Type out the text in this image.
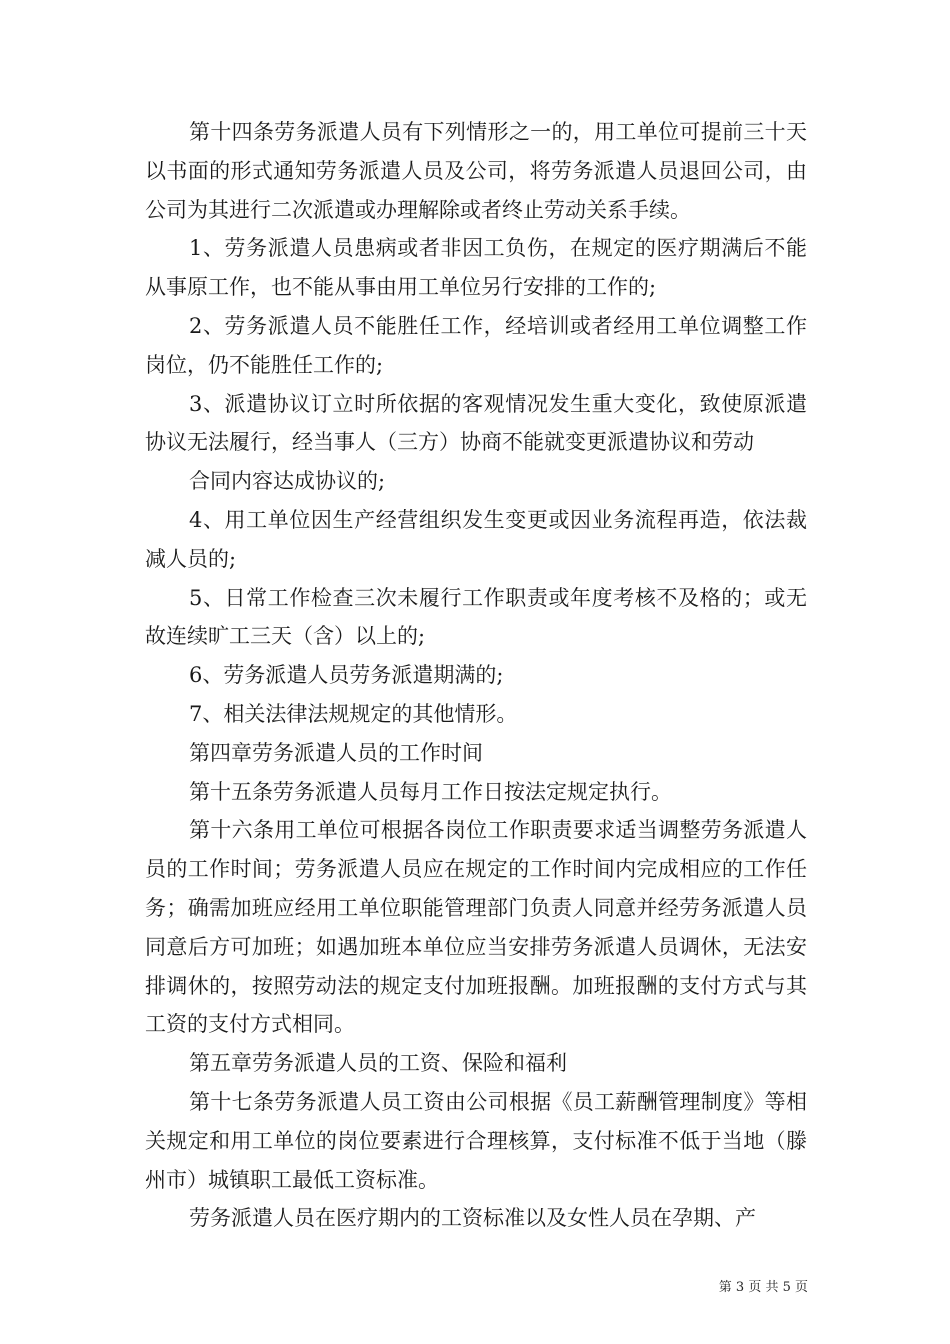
第十四条劳务派遣人员有下列情形之一的，用工单位可提前三十天以书面的形式通知劳务派遣人员及公司，将劳务派遣人员退回公司，由公司为其进行二次派遣或办理解除或者终止劳动关系手续。

1、劳务派遣人员患病或者非因工负伤，在规定的医疗期满后不能从事原工作，也不能从事由用工单位另行安排的工作的;

2、劳务派遣人员不能胜任工作，经培训或者经用工单位调整工作岗位，仍不能胜任工作的;

3、派遣协议订立时所依据的客观情况发生重大变化，致使原派遣协议无法履行，经当事人（三方）协商不能就变更派遣协议和劳动

合同内容达成协议的;

4、用工单位因生产经营组织发生变更或因业务流程再造，依法裁减人员的;

5、日常工作检查三次未履行工作职责或年度考核不及格的；或无故连续旷工三天（含）以上的;

6、劳务派遣人员劳务派遣期满的;

7、相关法律法规规定的其他情形。

第四章劳务派遣人员的工作时间

第十五条劳务派遣人员每月工作日按法定规定执行。

第十六条用工单位可根据各岗位工作职责要求适当调整劳务派遣人员的工作时间；劳务派遣人员应在规定的工作时间内完成相应的工作任务；确需加班应经用工单位职能管理部门负责人同意并经劳务派遣人员同意后方可加班；如遇加班本单位应当安排劳务派遣人员调休，无法安排调休的，按照劳动法的规定支付加班报酬。加班报酬的支付方式与其工资的支付方式相同。

第五章劳务派遣人员的工资、保险和福利

第十七条劳务派遣人员工资由公司根据《员工薪酬管理制度》等相关规定和用工单位的岗位要素进行合理核算，支付标准不低于当地（滕州市）城镇职工最低工资标准。

劳务派遣人员在医疗期内的工资标准以及女性人员在孕期、产

第 3 页 共 5 页
